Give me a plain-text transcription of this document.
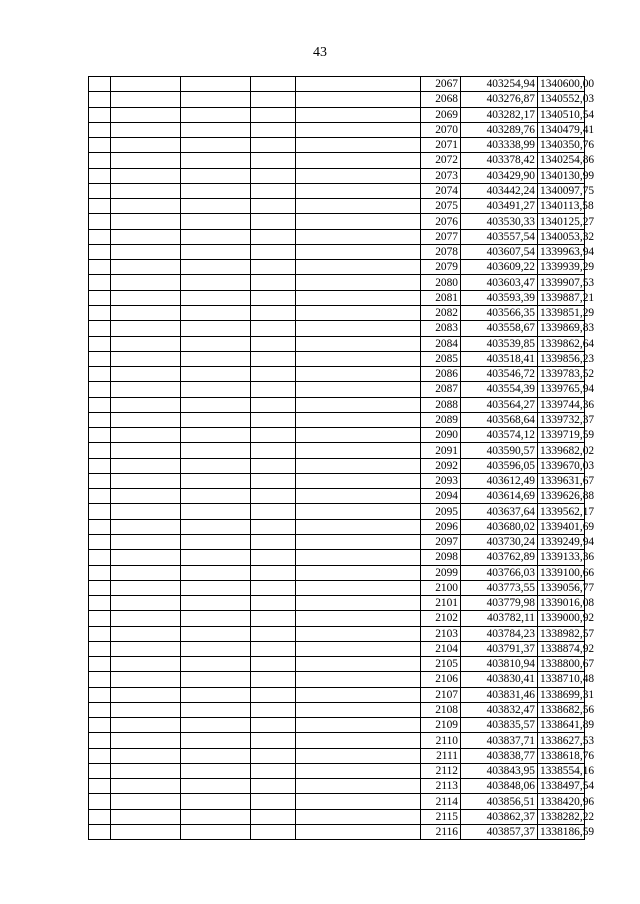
43
					2067	403254,94	1340600,00
					2068	403276,87	1340552,03
					2069	403282,17	1340510,54
					2070	403289,76	1340479,41
					2071	403338,99	1340350,76
					2072	403378,42	1340254,86
					2073	403429,90	1340130,99
					2074	403442,24	1340097,75
					2075	403491,27	1340113,58
					2076	403530,33	1340125,27
					2077	403557,54	1340053,32
					2078	403607,54	1339963,94
					2079	403609,22	1339939,29
					2080	403603,47	1339907,53
					2081	403593,39	1339887,21
					2082	403566,35	1339851,29
					2083	403558,67	1339869,83
					2084	403539,85	1339862,64
					2085	403518,41	1339856,23
					2086	403546,72	1339783,52
					2087	403554,39	1339765,94
					2088	403564,27	1339744,36
					2089	403568,64	1339732,37
					2090	403574,12	1339719,59
					2091	403590,57	1339682,02
					2092	403596,05	1339670,03
					2093	403612,49	1339631,67
					2094	403614,69	1339626,88
					2095	403637,64	1339562,17
					2096	403680,02	1339401,69
					2097	403730,24	1339249,94
					2098	403762,89	1339133,36
					2099	403766,03	1339100,66
					2100	403773,55	1339056,77
					2101	403779,98	1339016,08
					2102	403782,11	1339000,92
					2103	403784,23	1338982,57
					2104	403791,37	1338874,92
					2105	403810,94	1338800,67
					2106	403830,41	1338710,48
					2107	403831,46	1338699,31
					2108	403832,47	1338682,56
					2109	403835,57	1338641,89
					2110	403837,71	1338627,53
					2111	403838,77	1338618,76
					2112	403843,95	1338554,16
					2113	403848,06	1338497,54
					2114	403856,51	1338420,96
					2115	403862,37	1338282,22
					2116	403857,37	1338186,59
